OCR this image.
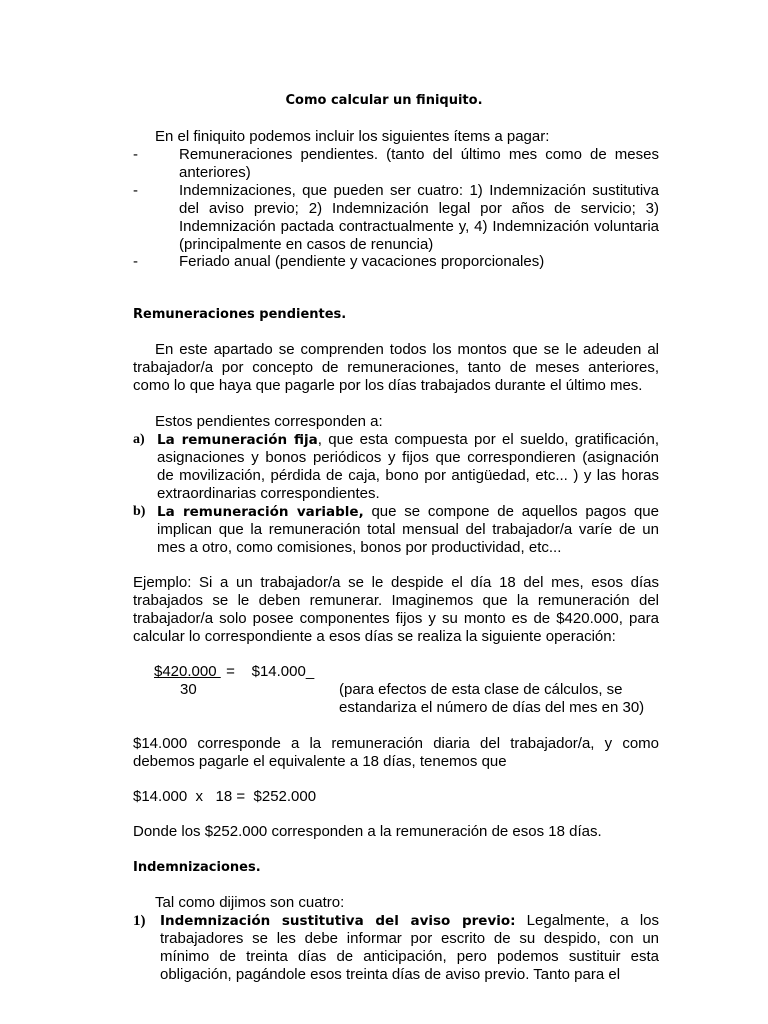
Como calcular un finiquito.

En el finiquito podemos incluir los siguientes ítems a pagar:

-	Remuneraciones pendientes. (tanto del último mes como de meses anteriores)
-	Indemnizaciones, que pueden ser cuatro: 1) Indemnización sustitutiva del aviso previo; 2) Indemnización legal por años de servicio; 3) Indemnización pactada contractualmente y, 4) Indemnización voluntaria (principalmente en casos de renuncia)
-	Feriado anual (pendiente y vacaciones proporcionales)
Remuneraciones pendientes.

En este apartado se comprenden todos los montos que se le adeuden al trabajador/a por concepto de remuneraciones, tanto de meses anteriores, como lo que haya que pagarle por los días trabajados durante el último mes.

Estos pendientes corresponden a:

a) La remuneración fija, que esta compuesta por el sueldo, gratificación, asignaciones y bonos periódicos y fijos que correspondieren (asignación de movilización, pérdida de caja, bono por antigüedad, etc... ) y las horas extraordinarias correspondientes.
b) La remuneración variable, que se compone de aquellos pagos que implican que la remuneración total mensual del trabajador/a varíe de un mes a otro, como comisiones, bonos por productividad, etc...

Ejemplo: Si a un trabajador/a se le despide el día 18 del mes, esos días trabajados se le deben remunerar. Imaginemos que la remuneración del trabajador/a solo posee componentes fijos y su monto es de $420.000, para calcular lo correspondiente a esos días se realiza la siguiente operación:

$420.000 =    $14.000_
30	(para efectos de esta clase de cálculos, se
estandariza el número de días del mes en 30)

$14.000 corresponde a la remuneración diaria del trabajador/a, y como debemos pagarle el equivalente a 18 días, tenemos que

$14.000  x   18 =  $252.000

Donde los $252.000 corresponden a la remuneración de esos 18 días.

Indemnizaciones.

Tal como dijimos son cuatro:

1) Indemnización sustitutiva del aviso previo: Legalmente, a los trabajadores se les debe informar por escrito de su despido, con un mínimo de treinta días de anticipación, pero podemos sustituir esta obligación, pagándole esos treinta días de aviso previo. Tanto para el
